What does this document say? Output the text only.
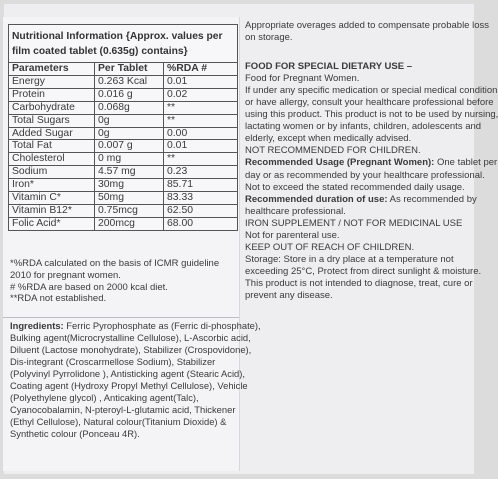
Nutritional Information {Approx. values per
film coated tablet (0.635g) contains}
Parameters	Per Tablet	%RDA #
Energy	0.263 Kcal	0.01
Protein	0.016 g	0.02
Carbohydrate	0.068g	**
Total Sugars	0g	**
Added Sugar	0g	0.00
Total Fat	0.007 g	0.01
Cholesterol	0 mg	**
Sodium	4.57 mg	0.23
Iron*	30mg	85.71
Vitamin C*	50mg	83.33
Vitamin B12*	0.75mcg	62.50
Folic Acid*	200mcg	68.00
*%RDA calculated on the basis of ICMR guideline
2010 for pregnant women.
# %RDA are based on 2000 kcal diet.
**RDA not established.
Ingredients: Ferric Pyrophosphate as (Ferric di-phosphate),
Bulking agent(Microcrystalline Cellulose), L-Ascorbic acid,
Diluent (Lactose monohydrate), Stabilizer (Crospovidone),
Dis-integrant (Croscarmellose Sodium), Stabilizer
(Polyvinyl Pyrrolidone ), Antisticking agent (Stearic Acid),
Coating agent (Hydroxy Propyl Methyl Cellulose), Vehicle
(Polyethylene glycol) , Anticaking agent(Talc),
Cyanocobalamin, N-pteroyl-L-glutamic acid, Thickener
(Ethyl Cellulose), Natural colour(Titanium Dioxide) &
Synthetic colour (Ponceau 4R).
Appropriate overages added to compensate probable loss
on storage.
FOOD FOR SPECIAL DIETARY USE –
Food for Pregnant Women.
If under any specific medication or special medical condition
or have allergy, consult your healthcare professional before
using this product. This product is not to be used by nursing,
lactating women or by infants, children, adolescents and
elderly, except when medically advised.
NOT RECOMMENDED FOR CHILDREN.
Recommended Usage (Pregnant Women): One tablet per
day or as recommended by your healthcare professional.
Not to exceed the stated recommended daily usage.
Recommended duration of use: As recommended by
healthcare professional.
IRON SUPPLEMENT / NOT FOR MEDICINAL USE
Not for parenteral use.
KEEP OUT OF REACH OF CHILDREN.
Storage: Store in a dry place at a temperature not
exceeding 25°C, Protect from direct sunlight & moisture.
This product is not intended to diagnose, treat, cure or
prevent any disease.
